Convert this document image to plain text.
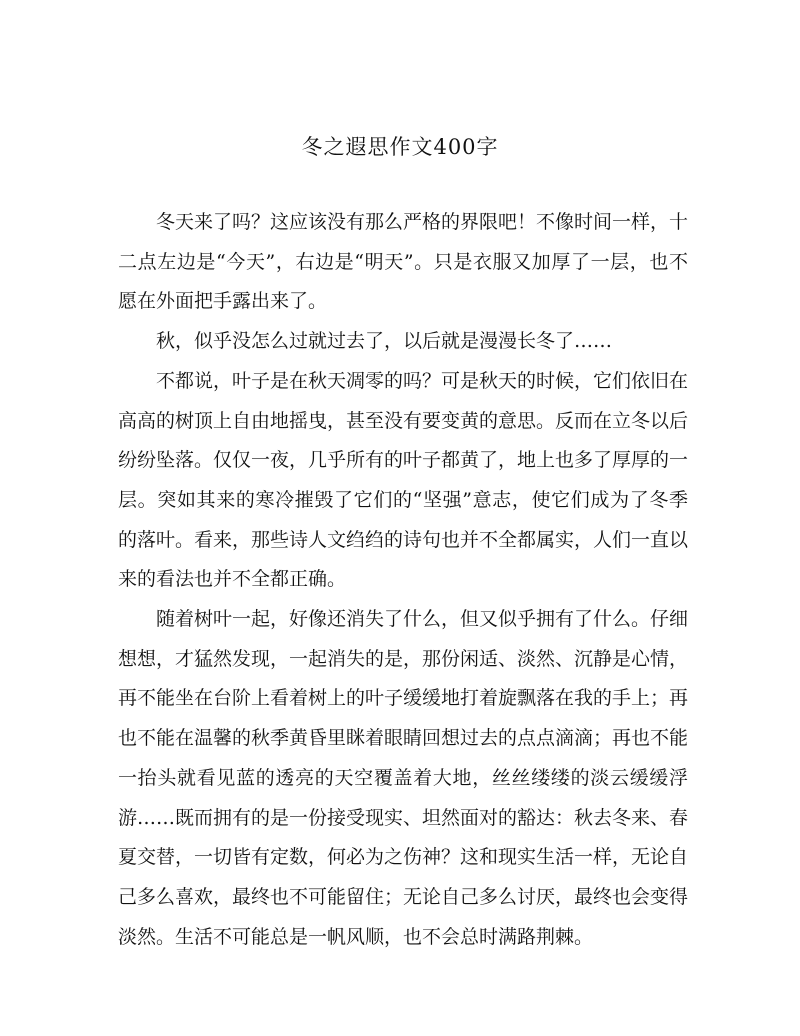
冬之遐思作文400字

冬天来了吗？这应该没有那么严格的界限吧！不像时间一样，十二点左边是“今天”，右边是“明天”。只是衣服又加厚了一层，也不愿在外面把手露出来了。

秋，似乎没怎么过就过去了，以后就是漫漫长冬了……

不都说，叶子是在秋天凋零的吗？可是秋天的时候，它们依旧在高高的树顶上自由地摇曳，甚至没有要变黄的意思。反而在立冬以后纷纷坠落。仅仅一夜，几乎所有的叶子都黄了，地上也多了厚厚的一层。突如其来的寒冷摧毁了它们的“坚强”意志，使它们成为了冬季的落叶。看来，那些诗人文绉绉的诗句也并不全都属实，人们一直以来的看法也并不全都正确。

随着树叶一起，好像还消失了什么，但又似乎拥有了什么。仔细想想，才猛然发现，一起消失的是，那份闲适、淡然、沉静是心情，再不能坐在台阶上看着树上的叶子缓缓地打着旋飘落在我的手上；再也不能在温馨的秋季黄昏里眯着眼睛回想过去的点点滴滴；再也不能一抬头就看见蓝的透亮的天空覆盖着大地，丝丝缕缕的淡云缓缓浮游……既而拥有的是一份接受现实、坦然面对的豁达：秋去冬来、春夏交替，一切皆有定数，何必为之伤神？这和现实生活一样，无论自己多么喜欢，最终也不可能留住；无论自己多么讨厌，最终也会变得淡然。生活不可能总是一帆风顺，也不会总时满路荆棘。
